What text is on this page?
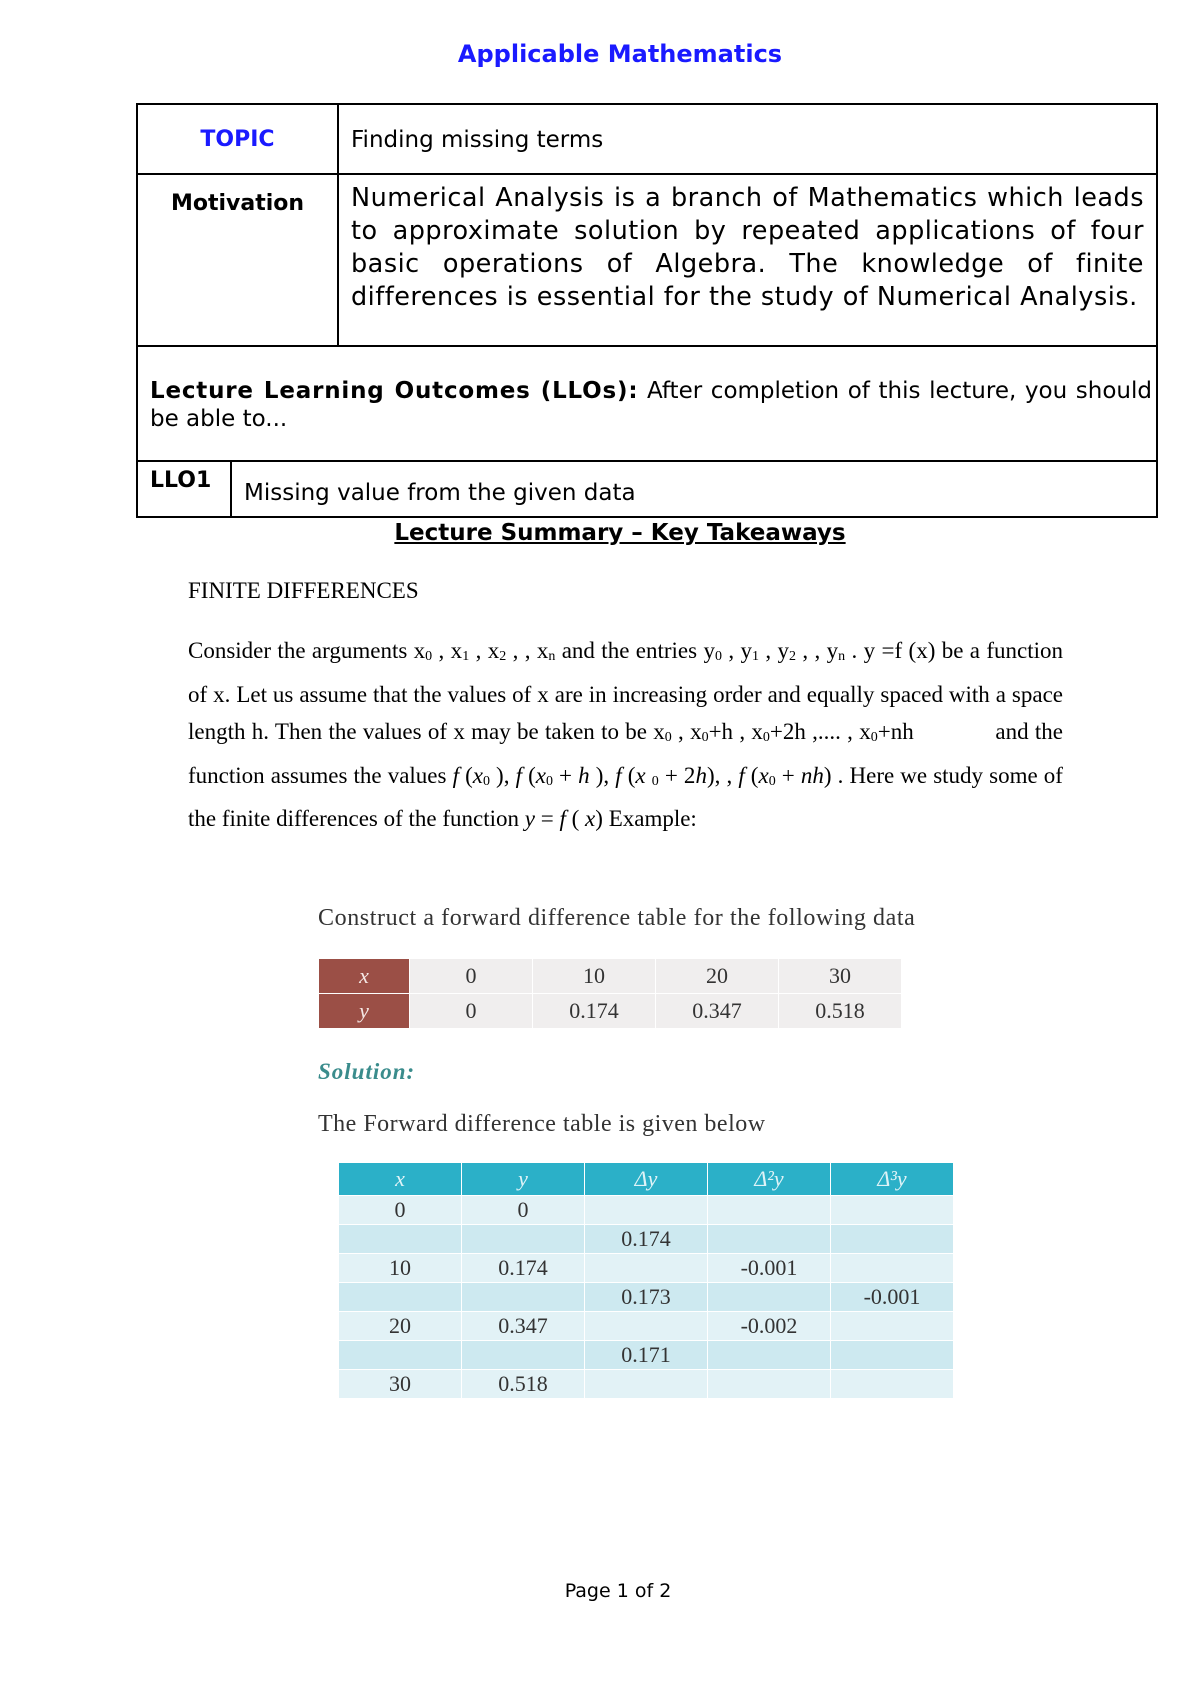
Applicable Mathematics
TOPIC	Finding missing terms
Motivation	Numerical Analysis is a branch of Mathematics which leads to approximate solution by repeated applications of four basic operations of Algebra. The knowledge of finite differences is essential for the study of Numerical Analysis.
Lecture Learning Outcomes (LLOs): After completion of this lecture, you should be able to...
LLO1	Missing value from the given data
Lecture Summary – Key Takeaways
FINITE DIFFERENCES
Consider the arguments x0 , x1 , x2 , , xn and the entries y0 , y1 , y2 , , yn . y =f (x) be a function of x. Let us assume that the values of x are in increasing order and equally spaced with a space length h. Then the values of x may be taken to be x0 , x0+h , x0+2h ,.... , x0+nh             and the function assumes the values f (x0 ), f (x0 + h ), f (x 0 + 2h), , f (x0 + nh) . Here we study some of the finite differences of the function y = f ( x) Example:
Construct a forward difference table for the following data
x	0	10	20	30
y	0	0.174	0.347	0.518
Solution:
The Forward difference table is given below
x	y	Δy	Δ²y	Δ³y
0	0			
		0.174		
10	0.174		-0.001	
		0.173		-0.001
20	0.347		-0.002	
		0.171		
30	0.518			
Page 1 of 2
